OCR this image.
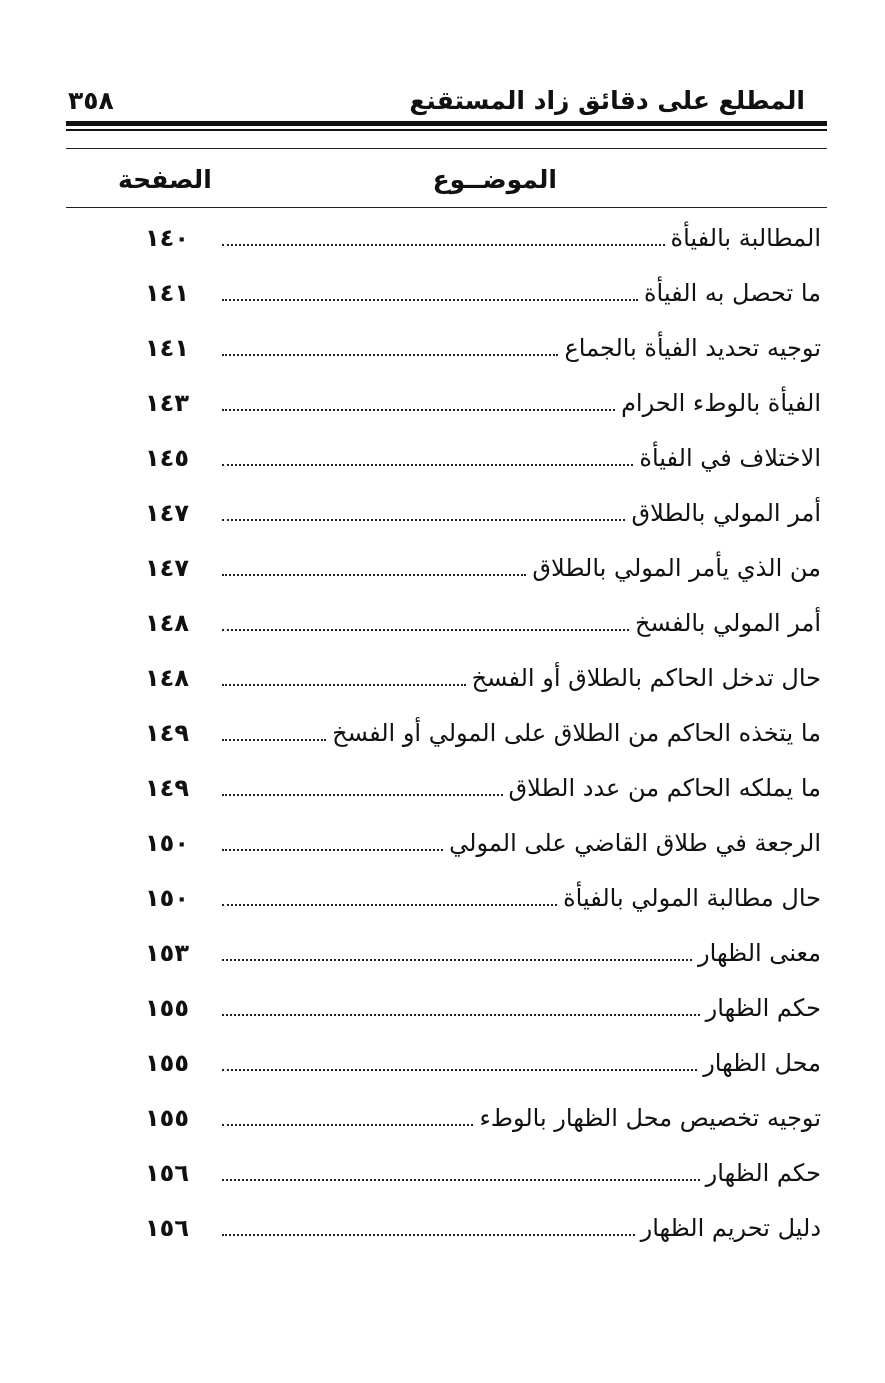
المطلع على دقائق زاد المستقنع
٣٥٨
الموضــوع
الصفحة
المطالبة بالفيأة
١٤٠
ما تحصل به الفيأة
١٤١
توجيه تحديد الفيأة بالجماع
١٤١
الفيأة بالوطء الحرام
١٤٣
الاختلاف في الفيأة
١٤٥
أمر المولي بالطلاق
١٤٧
من الذي يأمر المولي بالطلاق
١٤٧
أمر المولي بالفسخ
١٤٨
حال تدخل الحاكم بالطلاق أو الفسخ
١٤٨
ما يتخذه الحاكم من الطلاق على المولي أو الفسخ
١٤٩
ما يملكه الحاكم من عدد الطلاق
١٤٩
الرجعة في طلاق القاضي على المولي
١٥٠
حال مطالبة المولي بالفيأة
١٥٠
معنى الظهار
١٥٣
حكم الظهار
١٥٥
محل الظهار
١٥٥
توجيه تخصيص محل الظهار بالوطء
١٥٥
حكم الظهار
١٥٦
دليل تحريم الظهار
١٥٦
